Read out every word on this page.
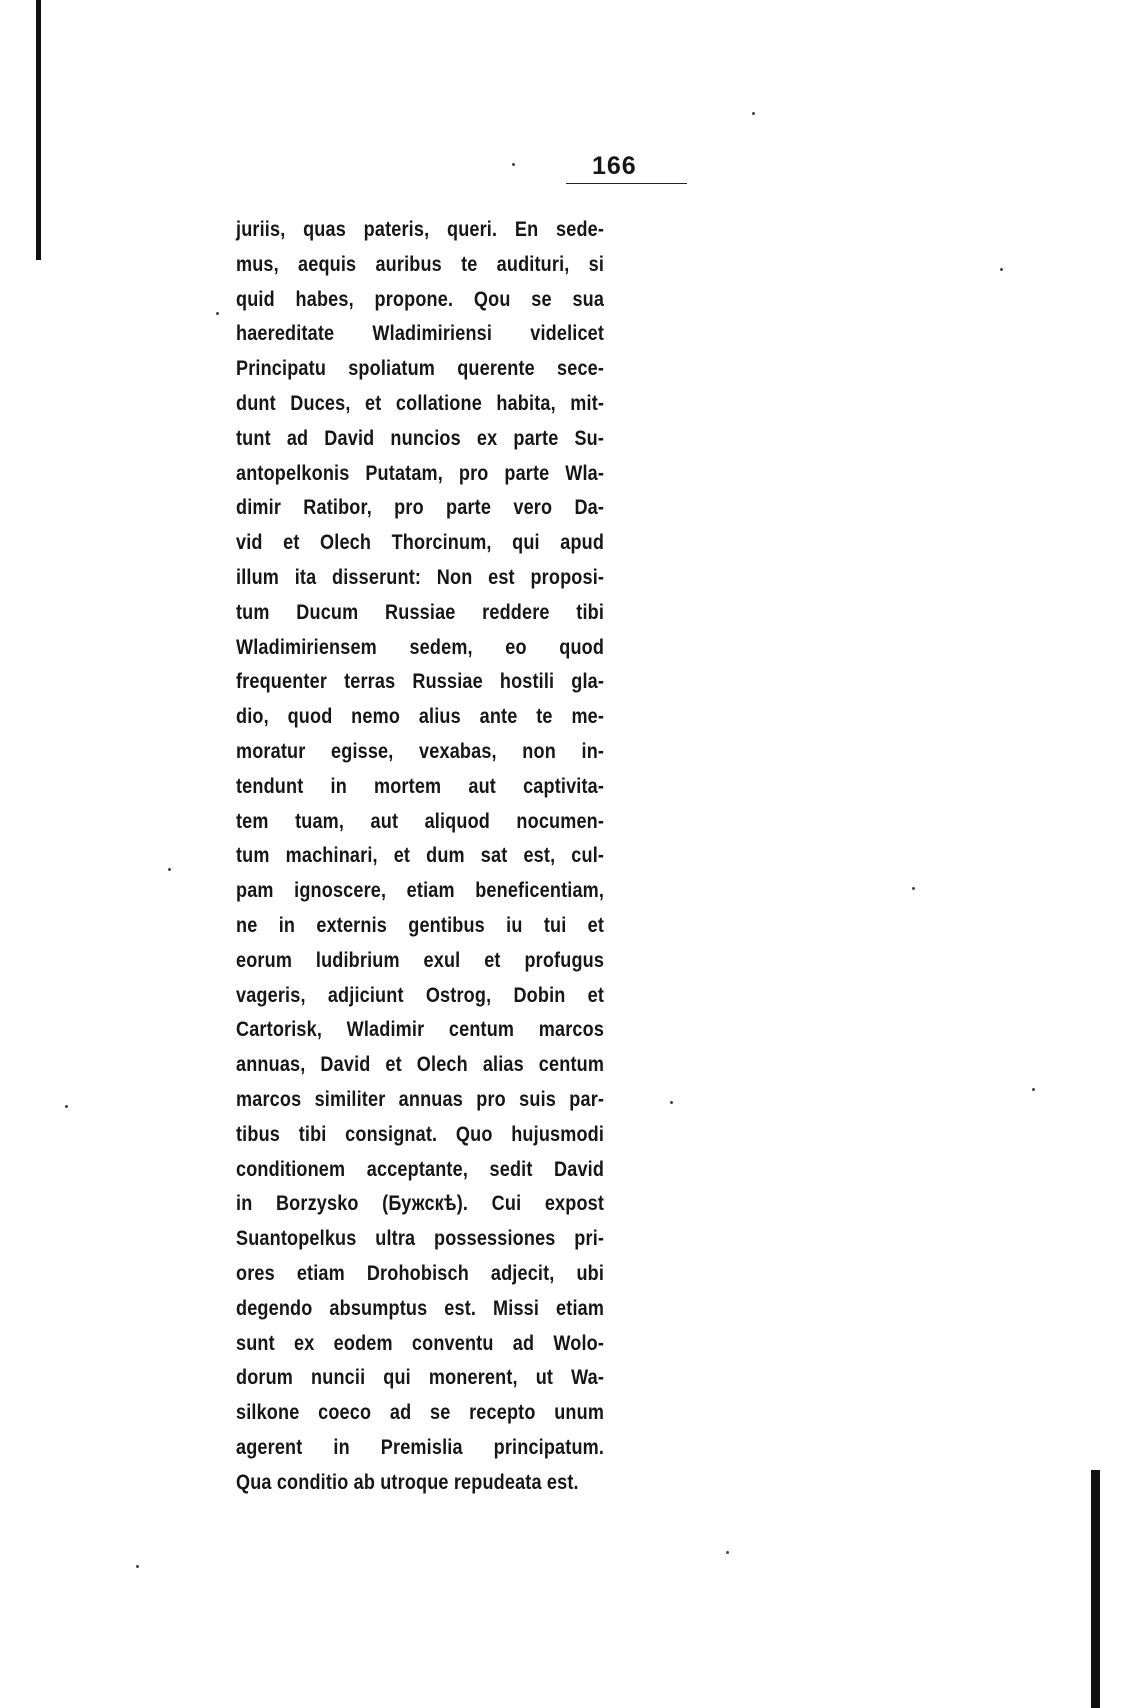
166
juriis, quas pateris, queri. En sede-
mus, aequis auribus te audituri, si
quid habes, propone. Qou se sua
haereditate Wladimiriensi videlicet
Principatu spoliatum querente sece-
dunt Duces, et collatione habita, mit-
tunt ad David nuncios ex parte Su-
antopelkonis Putatam, pro parte Wla-
dimir Ratibor, pro parte vero Da-
vid et Olech Thorcinum, qui apud
illum ita disserunt: Non est proposi-
tum Ducum Russiae reddere tibi
Wladimiriensem sedem, eo quod
frequenter terras Russiae hostili gla-
dio, quod nemo alius ante te me-
moratur egisse, vexabas, non in-
tendunt in mortem aut captivita-
tem tuam, aut aliquod nocumen-
tum machinari, et dum sat est, cul-
pam ignoscere, etiam beneficentiam,
ne in externis gentibus iu tui et
eorum ludibrium exul et profugus
vageris, adjiciunt Ostrog, Dobin et
Cartorisk, Wladimir centum marcos
annuas, David et Olech alias centum
marcos similiter annuas pro suis par-
tibus tibi consignat. Quo hujusmodi
conditionem acceptante, sedit David
in Borzysko (Бужскѣ). Cui expost
Suantopelkus ultra possessiones pri-
ores etiam Drohobisch adjecit, ubi
degendo absumptus est. Missi etiam
sunt ex eodem conventu ad Wolo-
dorum nuncii qui monerent, ut Wa-
silkone coeco ad se recepto unum
agerent in Premislia principatum.
Qua conditio ab utroque repudeata est.
